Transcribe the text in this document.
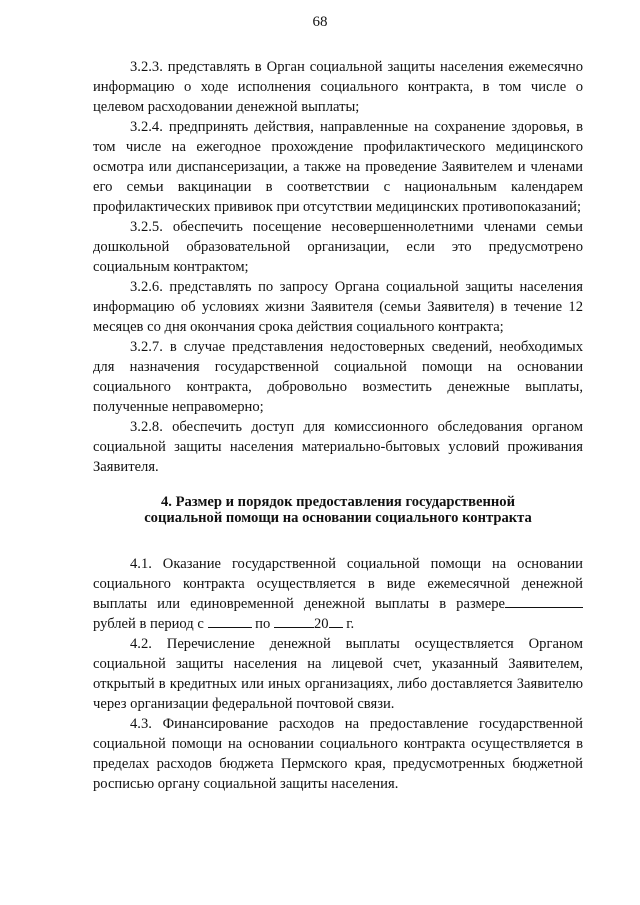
68

3.2.3. представлять в Орган социальной защиты населения ежемесячно информацию о ходе исполнения социального контракта, в том числе о целевом расходовании денежной выплаты;

3.2.4. предпринять действия, направленные на сохранение здоровья, в том числе на ежегодное прохождение профилактического медицинского осмотра или диспансеризации, а также на проведение Заявителем и членами его семьи вакцинации в соответствии с национальным календарем профилактических прививок при отсутствии медицинских противопоказаний;

3.2.5. обеспечить посещение несовершеннолетними членами семьи дошкольной образовательной организации, если это предусмотрено социальным контрактом;

3.2.6. представлять по запросу Органа социальной защиты населения информацию об условиях жизни Заявителя (семьи Заявителя) в течение 12 месяцев со дня окончания срока действия социального контракта;

3.2.7. в случае представления недостоверных сведений, необходимых для назначения государственной социальной помощи на основании социального контракта, добровольно возместить денежные выплаты, полученные неправомерно;

3.2.8. обеспечить доступ для комиссионного обследования органом социальной защиты населения материально-бытовых условий проживания Заявителя.

4. Размер и порядок предоставления государственной
социальной помощи на основании социального контракта

4.1. Оказание государственной социальной помощи на основании социального контракта осуществляется в виде ежемесячной денежной выплаты или единовременной денежной выплаты в размере рублей в период с	по	20 г.

4.2. Перечисление денежной выплаты осуществляется Органом социальной защиты населения на лицевой счет, указанный Заявителем, открытый в кредитных или иных организациях, либо доставляется Заявителю через организации федеральной почтовой связи.

4.3. Финансирование расходов на предоставление государственной социальной помощи на основании социального контракта осуществляется в пределах расходов бюджета Пермского края, предусмотренных бюджетной росписью органу социальной защиты населения.
